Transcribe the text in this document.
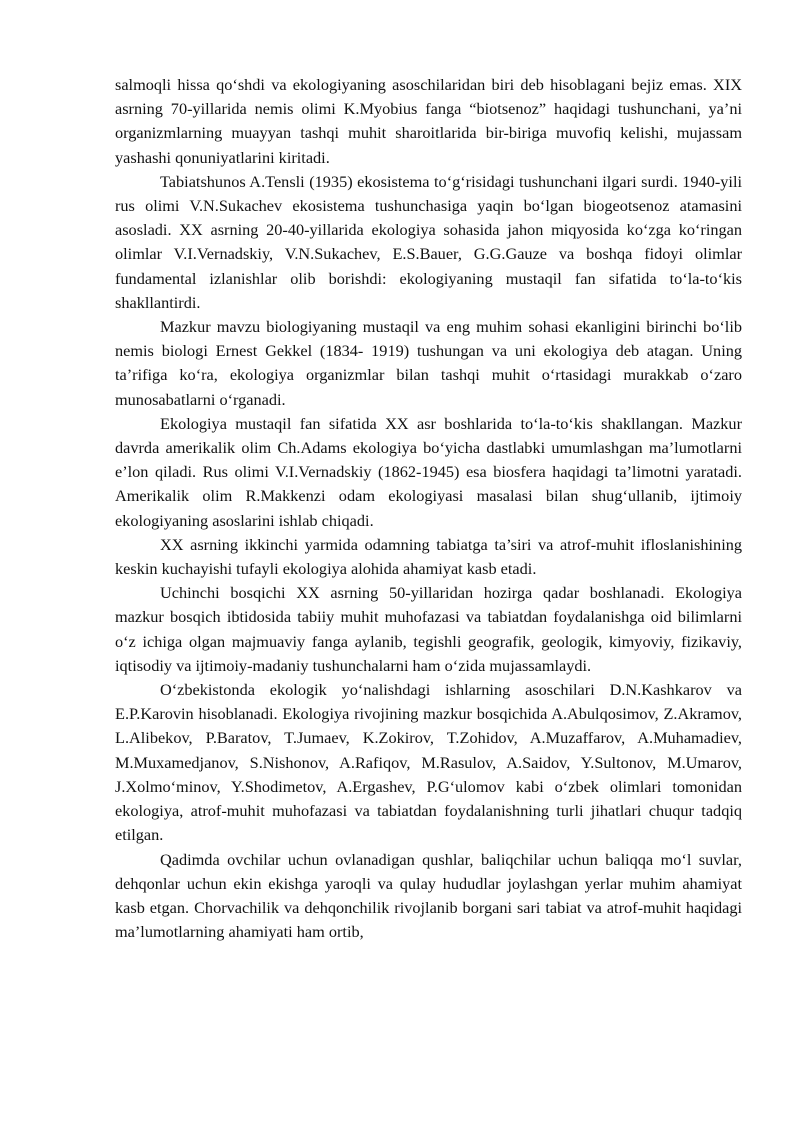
salmoqli hissa qo‘shdi va ekologiyaning asoschilaridan biri deb hisoblagani bejiz emas. XIX asrning 70-yillarida nemis olimi K.Myobius fanga “biotsenoz” haqidagi tushunchani, ya’ni organizmlarning muayyan tashqi muhit sharoitlarida bir-biriga muvofiq kelishi, mujassam yashashi qonuniyatlarini kiritadi.

Tabiatshunos A.Tensli (1935) ekosistema to‘g‘risidagi tushunchani ilgari surdi. 1940-yili rus olimi V.N.Sukachev ekosistema tushunchasiga yaqin bo‘lgan biogeotsenoz atamasini asosladi. XX asrning 20-40-yillarida ekologiya sohasida jahon miqyosida ko‘zga ko‘ringan olimlar V.I.Vernadskiy, V.N.Sukachev, E.S.Bauer, G.G.Gauze va boshqa fidoyi olimlar fundamental izlanishlar olib borishdi: ekologiyaning mustaqil fan sifatida to‘la-to‘kis shakllantirdi.

Mazkur mavzu biologiyaning mustaqil va eng muhim sohasi ekanligini birinchi bo‘lib nemis biologi Ernest Gekkel (1834- 1919) tushungan va uni ekologiya deb atagan. Uning ta’rifiga ko‘ra, ekologiya organizmlar bilan tashqi muhit o‘rtasidagi murakkab o‘zaro munosabatlarni o‘rganadi.

Ekologiya mustaqil fan sifatida XX asr boshlarida to‘la-to‘kis shakllangan. Mazkur davrda amerikalik olim Ch.Adams ekologiya bo‘yicha dastlabki umumlashgan ma’lumotlarni e’lon qiladi. Rus olimi V.I.Vernadskiy (1862-1945) esa biosfera haqidagi ta’limotni yaratadi. Amerikalik olim R.Makkenzi odam ekologiyasi masalasi bilan shug‘ullanib, ijtimoiy ekologiyaning asoslarini ishlab chiqadi.

XX asrning ikkinchi yarmida odamning tabiatga ta’siri va atrof-muhit ifloslanishining keskin kuchayishi tufayli ekologiya alohida ahamiyat kasb etadi.

Uchinchi bosqichi XX asrning 50-yillaridan hozirga qadar boshlanadi. Ekologiya mazkur bosqich ibtidosida tabiiy muhit muhofazasi va tabiatdan foydalanishga oid bilimlarni o‘z ichiga olgan majmuaviy fanga aylanib, tegishli geografik, geologik, kimyoviy, fizikaviy, iqtisodiy va ijtimoiy-madaniy tushunchalarni ham o‘zida mujassamlaydi.

O‘zbekistonda ekologik yo‘nalishdagi ishlarning asoschilari D.N.Kashkarov va E.P.Karovin hisoblanadi. Ekologiya rivojining mazkur bosqichida A.Abulqosimov, Z.Akramov, L.Alibekov, P.Baratov, T.Jumaev, K.Zokirov, T.Zohidov, A.Muzaffarov, A.Muhamadiev, M.Muxamedjanov, S.Nishonov, A.Rafiqov, M.Rasulov, A.Saidov, Y.Sultonov, M.Umarov, J.Xolmo‘minov, Y.Shodimetov, A.Ergashev, P.G‘ulomov kabi o‘zbek olimlari tomonidan ekologiya, atrof-muhit muhofazasi va tabiatdan foydalanishning turli jihatlari chuqur tadqiq etilgan.

Qadimda ovchilar uchun ovlanadigan qushlar, baliqchilar uchun baliqqa mo‘l suvlar, dehqonlar uchun ekin ekishga yaroqli va qulay hududlar joylashgan yerlar muhim ahamiyat kasb etgan. Chorvachilik va dehqonchilik rivojlanib borgani sari tabiat va atrof-muhit haqidagi ma’lumotlarning ahamiyati ham ortib,
